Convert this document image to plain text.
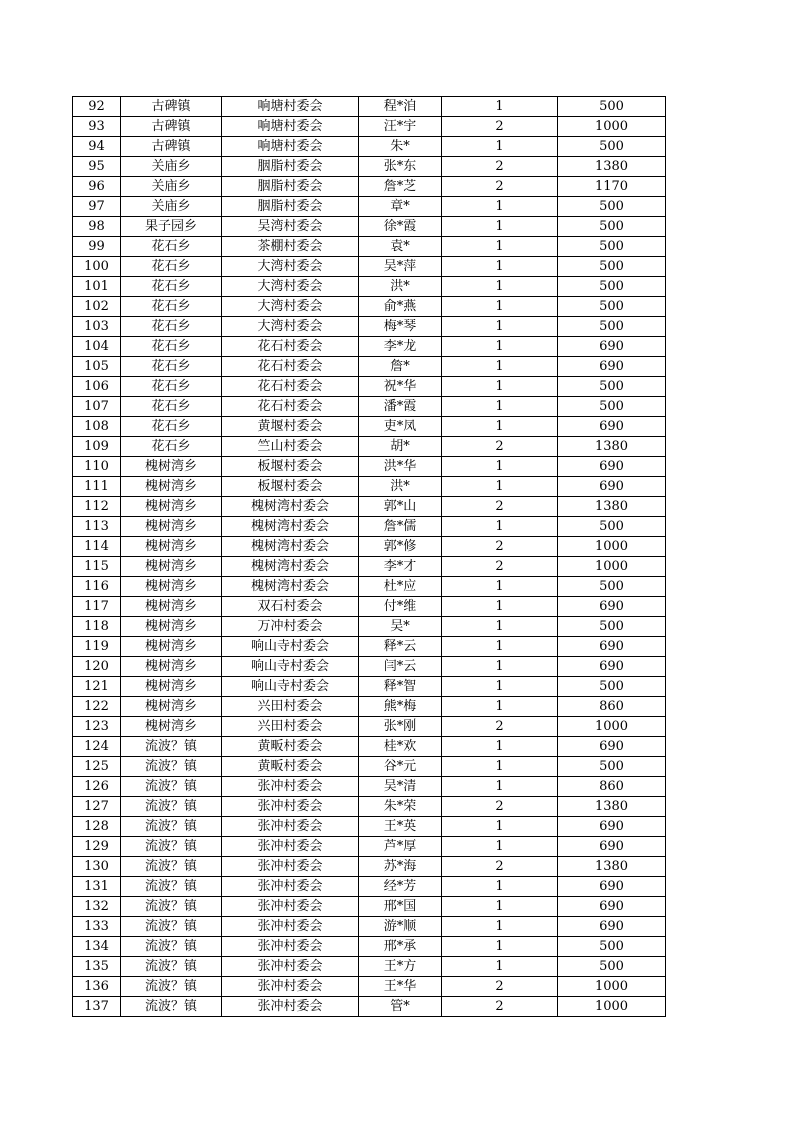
92	古碑镇	响塘村委会	程*洎	1	500
93	古碑镇	响塘村委会	汪*宇	2	1000
94	古碑镇	响塘村委会	朱*	1	500
95	关庙乡	胭脂村委会	张*东	2	1380
96	关庙乡	胭脂村委会	詹*芝	2	1170
97	关庙乡	胭脂村委会	章*	1	500
98	果子园乡	吴湾村委会	徐*霞	1	500
99	花石乡	茶棚村委会	袁*	1	500
100	花石乡	大湾村委会	吴*萍	1	500
101	花石乡	大湾村委会	洪*	1	500
102	花石乡	大湾村委会	俞*燕	1	500
103	花石乡	大湾村委会	梅*琴	1	500
104	花石乡	花石村委会	李*龙	1	690
105	花石乡	花石村委会	詹*	1	690
106	花石乡	花石村委会	祝*华	1	500
107	花石乡	花石村委会	潘*霞	1	500
108	花石乡	黄堰村委会	吏*凤	1	690
109	花石乡	竺山村委会	胡*	2	1380
110	槐树湾乡	板堰村委会	洪*华	1	690
111	槐树湾乡	板堰村委会	洪*	1	690
112	槐树湾乡	槐树湾村委会	郭*山	2	1380
113	槐树湾乡	槐树湾村委会	詹*儒	1	500
114	槐树湾乡	槐树湾村委会	郭*修	2	1000
115	槐树湾乡	槐树湾村委会	李*才	2	1000
116	槐树湾乡	槐树湾村委会	杜*应	1	500
117	槐树湾乡	双石村委会	付*维	1	690
118	槐树湾乡	万冲村委会	吴*	1	500
119	槐树湾乡	响山寺村委会	释*云	1	690
120	槐树湾乡	响山寺村委会	闫*云	1	690
121	槐树湾乡	响山寺村委会	释*智	1	500
122	槐树湾乡	兴田村委会	熊*梅	1	860
123	槐树湾乡	兴田村委会	张*刚	2	1000
124	流波？镇	黄畈村委会	桂*欢	1	690
125	流波？镇	黄畈村委会	谷*元	1	500
126	流波？镇	张冲村委会	吴*清	1	860
127	流波？镇	张冲村委会	朱*荣	2	1380
128	流波？镇	张冲村委会	王*英	1	690
129	流波？镇	张冲村委会	芦*厚	1	690
130	流波？镇	张冲村委会	苏*海	2	1380
131	流波？镇	张冲村委会	经*芳	1	690
132	流波？镇	张冲村委会	邢*国	1	690
133	流波？镇	张冲村委会	游*顺	1	690
134	流波？镇	张冲村委会	邢*承	1	500
135	流波？镇	张冲村委会	王*方	1	500
136	流波？镇	张冲村委会	王*华	2	1000
137	流波？镇	张冲村委会	管*	2	1000
